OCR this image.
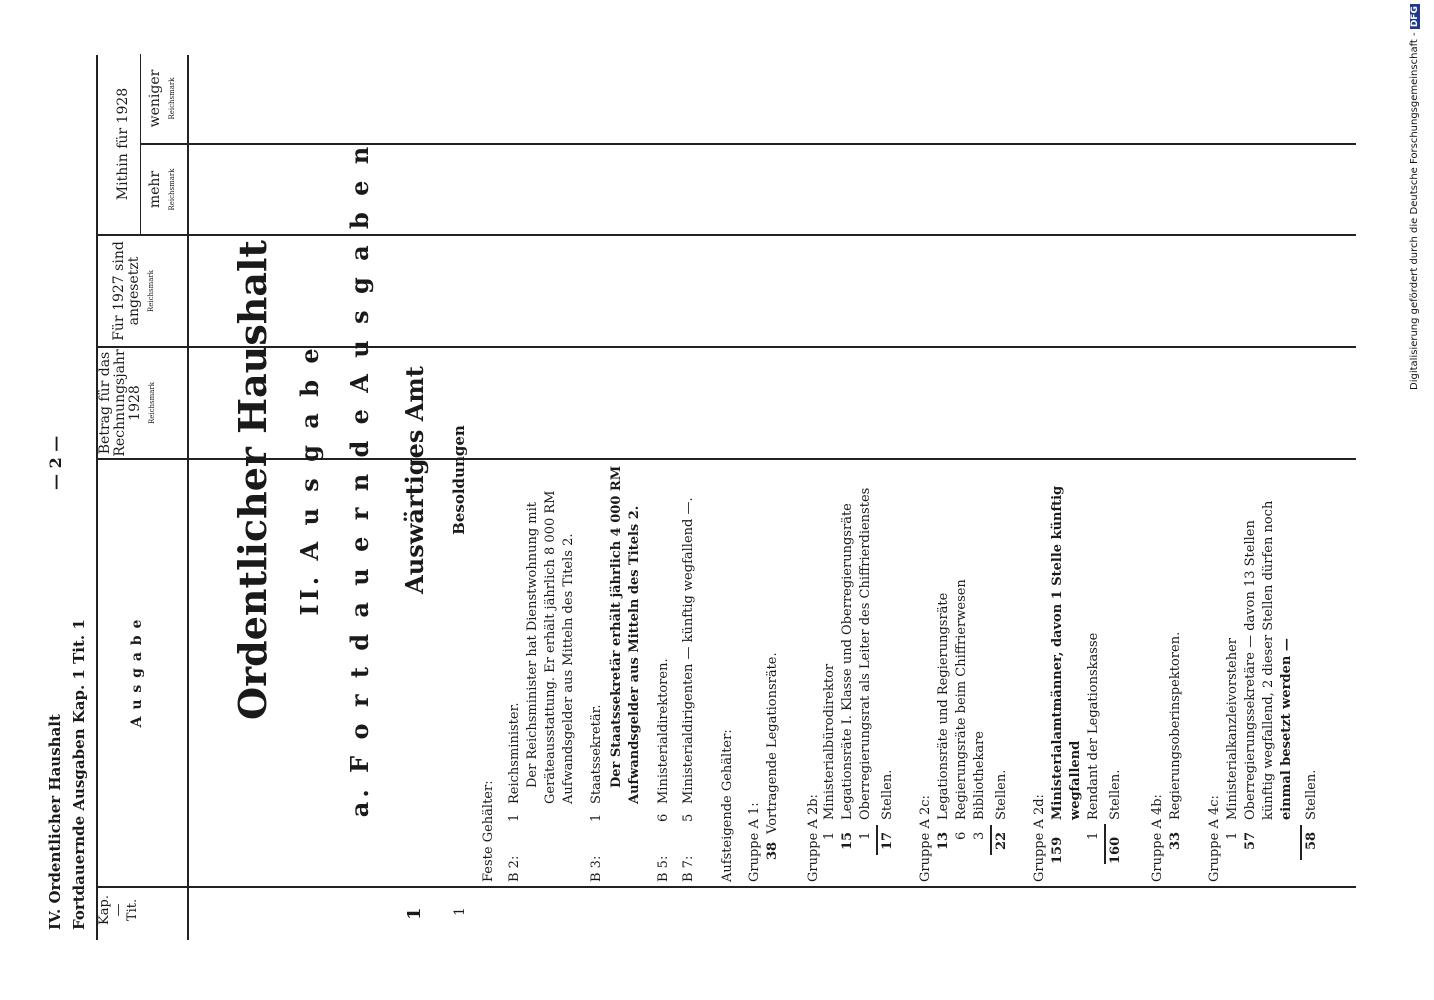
IV. Ordentlicher Haushalt Fortdauernde Ausgaben Kap. 1 Tit. 1
— 2 —
Kap. — Tit.
A u s g a b e
Betrag für das Rechnungsjahr 1928 Reichsmark
Für 1927 sind angesetzt Reichsmark
Mithin für 1928 mehr Reichsmark
weniger Reichsmark
Ordentlicher Haushalt II. A u s g a b e a. F o r t d a u e r n d e A u s g a b e n Auswärtiges Amt Besoldungen
1 1
Feste Gehälter: B 2:
1
Reichsminister. Der Reichsminister hat Dienstwohnung mit Geräteausstattung. Er erhält jährlich 8 000 RM Aufwandsgelder aus Mitteln des Titels 2.
B 3:
1
Staatssekretär. Der Staatssekretär erhält jährlich 4 000 RM Aufwandsgelder aus Mitteln des Titels 2.
B 5:
6
Ministerialdirektoren.
B 7:
5
Ministerialdirigenten — künftig wegfallend —.
Aufsteigende Gehälter: Gruppe A 1: 38
Vortragende Legationsräte.
Gruppe A 2b: 1
Ministerialbürodirektor
15
Legationsräte I. Klasse und Oberregierungsräte
1
Oberregierungsrat als Leiter des Chiffrierdienstes
17
Stellen.
Gruppe A 2c: 13
Legationsräte und Regierungsräte
6
Regierungsräte beim Chiffrierwesen
3
Bibliothekare
22
Stellen. Gruppe A 2d: 159
Ministerialamtmänner, davon 1 Stelle künftig wegfallend
1
Rendant der Legationskasse
160
Stellen. Gruppe A 4b: 33
Regierungsoberinspektoren.
Gruppe A 4c: 1
Ministerialkanzleivorsteher
57
Oberregierungssekretäre — davon 13 Stellen künftig wegfallend, 2 dieser Stellen dürfen noch einmal besetzt werden —
58
Stellen.
Digitalisierung gefördert durch die Deutsche Forschungsgemeinschaft - DFG
